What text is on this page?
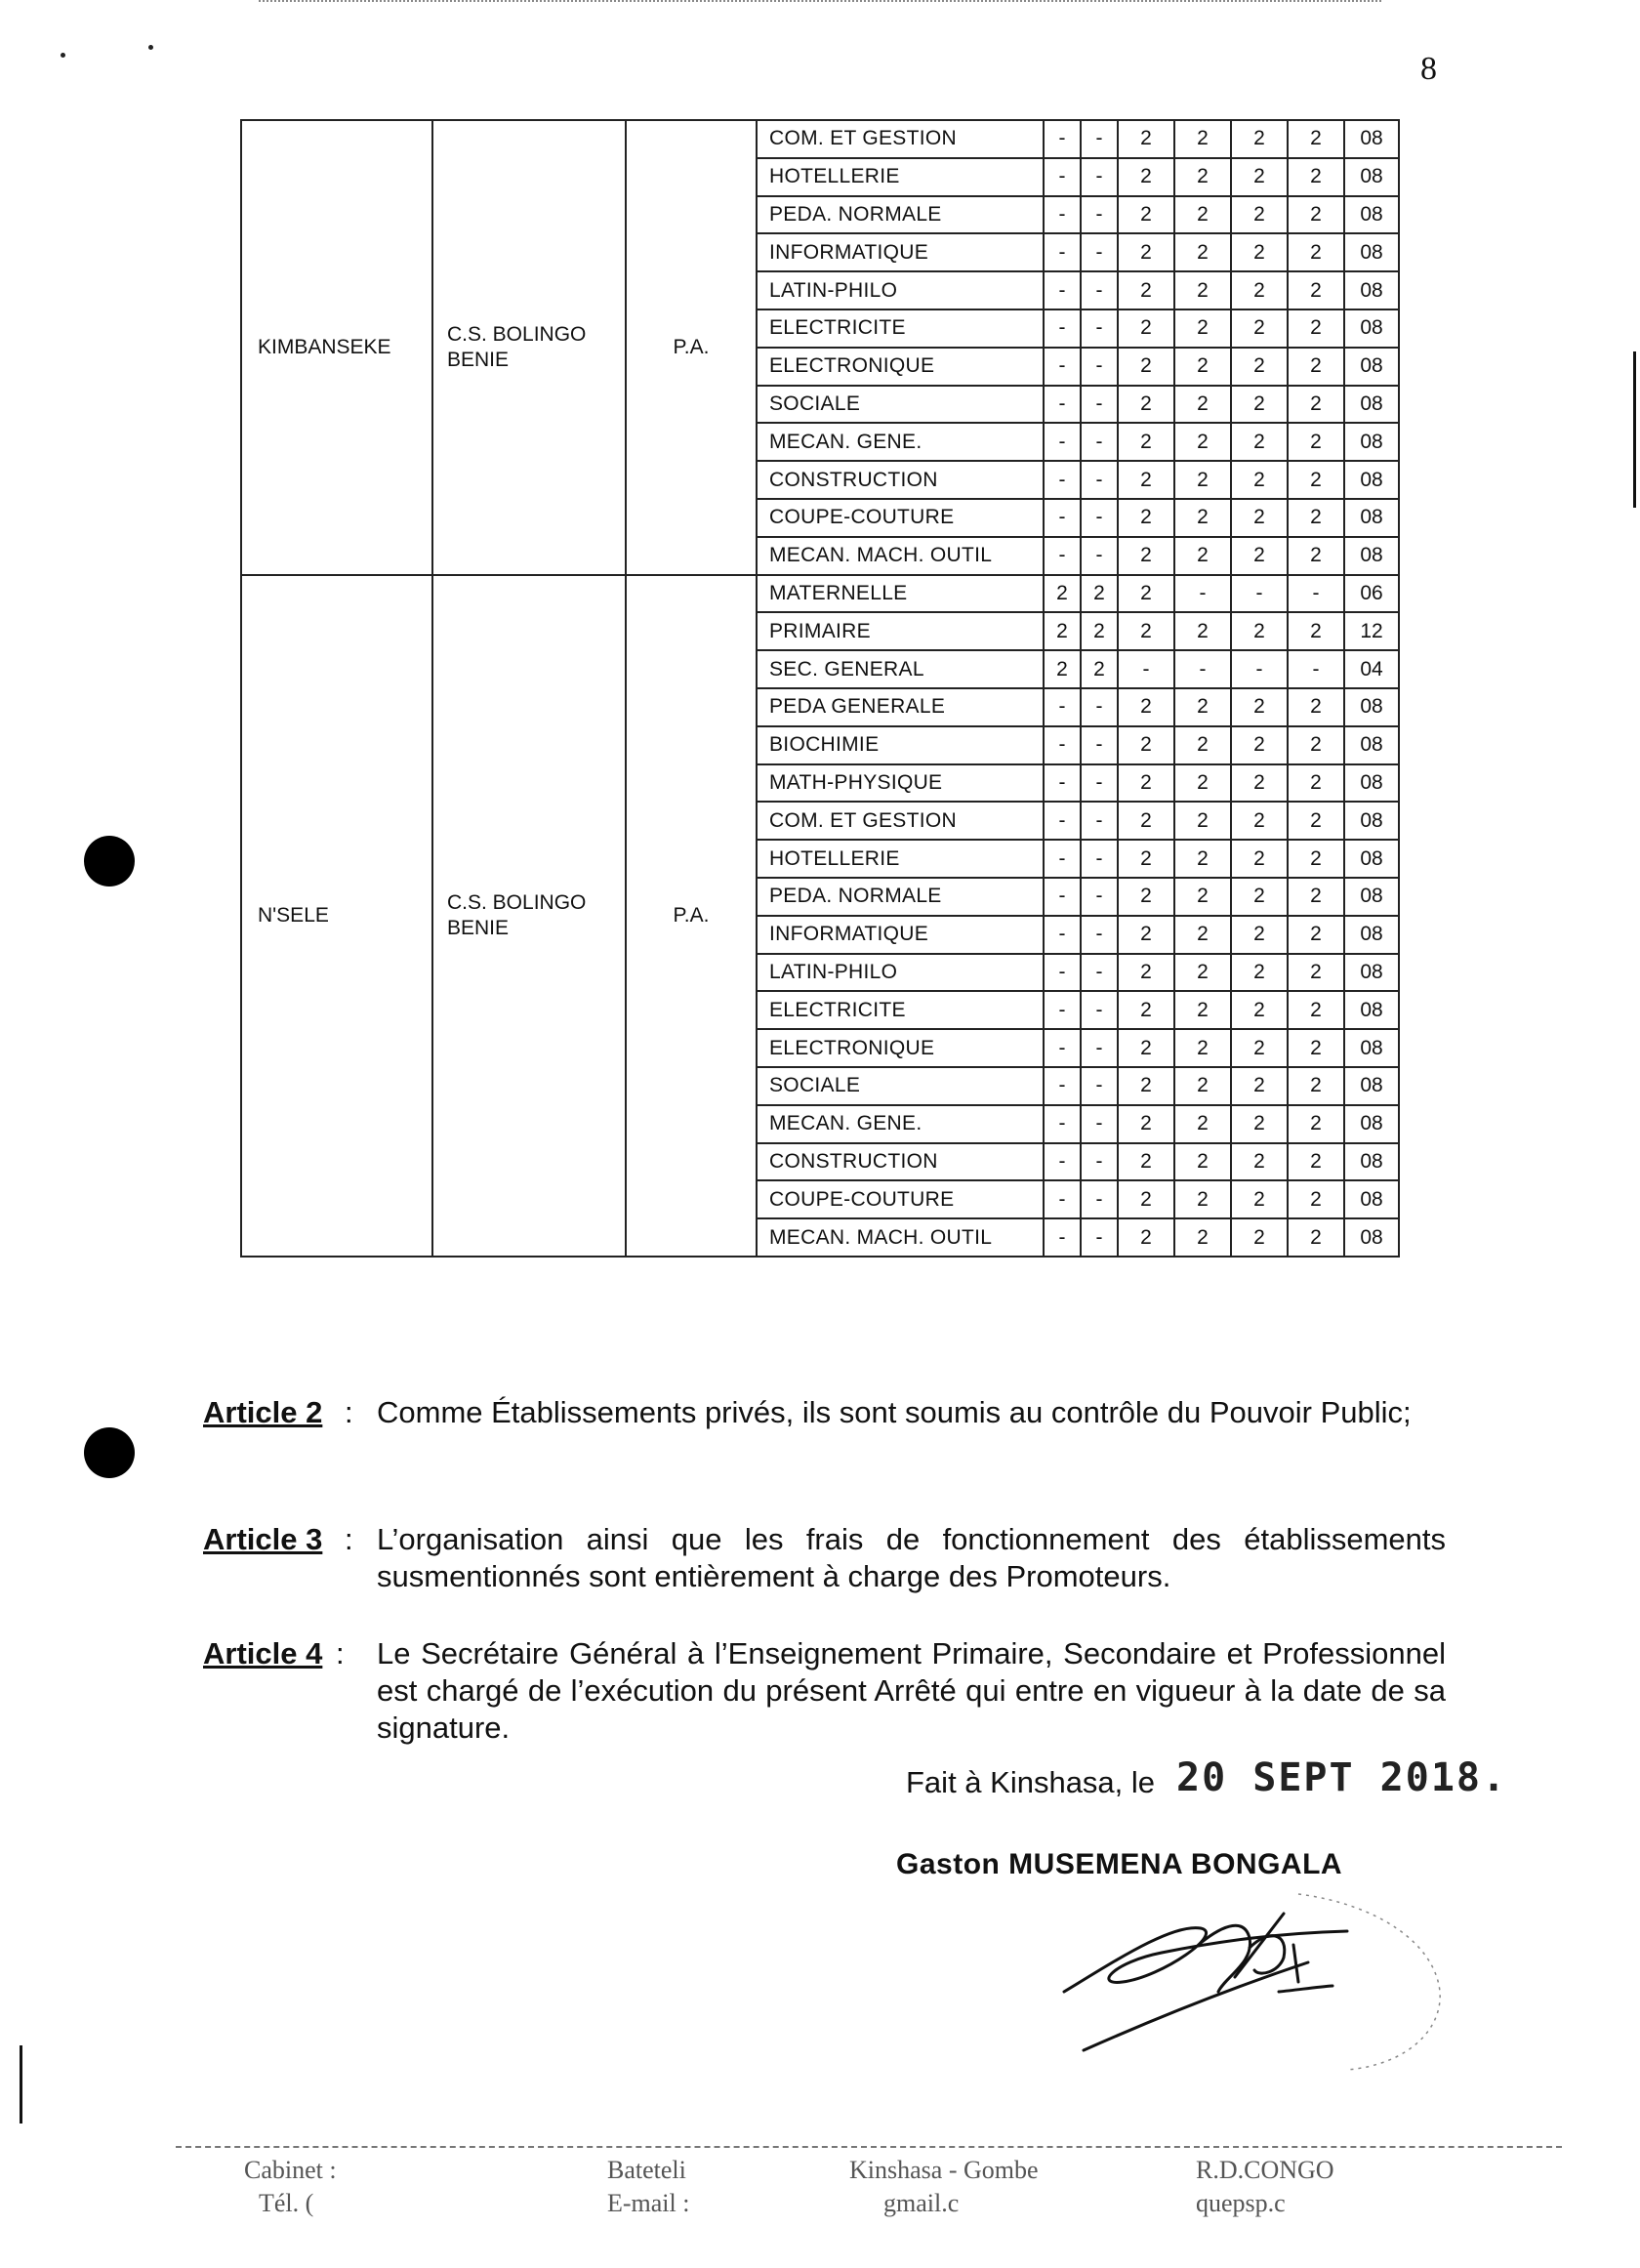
8
KIMBANSEKE	C.S. BOLINGO BENIE	P.A.	COM. ET GESTION	-	-	2	2	2	2	08
			HOTELLERIE	-	-	2	2	2	2	08
			PEDA. NORMALE	-	-	2	2	2	2	08
			INFORMATIQUE	-	-	2	2	2	2	08
			LATIN-PHILO	-	-	2	2	2	2	08
			ELECTRICITE	-	-	2	2	2	2	08
			ELECTRONIQUE	-	-	2	2	2	2	08
			SOCIALE	-	-	2	2	2	2	08
			MECAN. GENE.	-	-	2	2	2	2	08
			CONSTRUCTION	-	-	2	2	2	2	08
			COUPE-COUTURE	-	-	2	2	2	2	08
			MECAN. MACH. OUTIL	-	-	2	2	2	2	08
N'SELE	C.S. BOLINGO BENIE	P.A.	MATERNELLE	2	2	2	-	-	-	06
			PRIMAIRE	2	2	2	2	2	2	12
			SEC. GENERAL	2	2	-	-	-	-	04
			PEDA GENERALE	-	-	2	2	2	2	08
			BIOCHIMIE	-	-	2	2	2	2	08
			MATH-PHYSIQUE	-	-	2	2	2	2	08
			COM. ET GESTION	-	-	2	2	2	2	08
			HOTELLERIE	-	-	2	2	2	2	08
			PEDA. NORMALE	-	-	2	2	2	2	08
			INFORMATIQUE	-	-	2	2	2	2	08
			LATIN-PHILO	-	-	2	2	2	2	08
			ELECTRICITE	-	-	2	2	2	2	08
			ELECTRONIQUE	-	-	2	2	2	2	08
			SOCIALE	-	-	2	2	2	2	08
			MECAN. GENE.	-	-	2	2	2	2	08
			CONSTRUCTION	-	-	2	2	2	2	08
			COUPE-COUTURE	-	-	2	2	2	2	08
			MECAN. MACH. OUTIL	-	-	2	2	2	2	08
Article 2 : Comme Établissements privés, ils sont soumis au contrôle du Pouvoir Public;
Article 3 : L’organisation ainsi que les frais de fonctionnement des établissements susmentionnés sont entièrement à charge des Promoteurs.
Article 4 : Le Secrétaire Général à l’Enseignement Primaire, Secondaire et Professionnel est chargé de l’exécution du présent Arrêté qui entre en vigueur à la date de sa signature.
Fait à Kinshasa, le 20 SEPT 2018.
Gaston MUSEMENA BONGALA
Cabinet :	Bateteli	Kinshasa - Gombe	R.D.CONGO
Tél. (	E-mail :	gmail.c	quepsp.c
